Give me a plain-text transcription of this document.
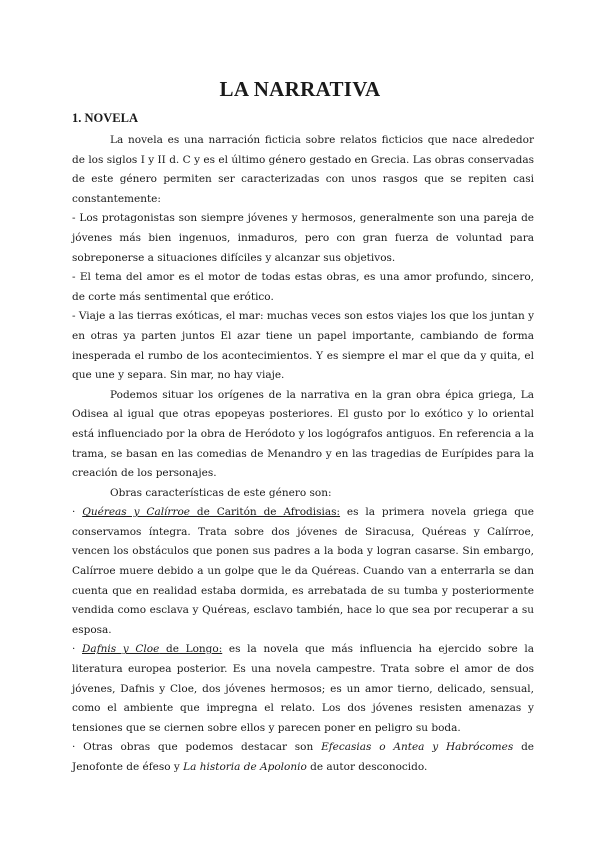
LA NARRATIVA
1. NOVELA

La novela es una narración ficticia sobre relatos ficticios que nace alrededor de los siglos I y II d. C y es el último género gestado en Grecia. Las obras conservadas de este género permiten ser caracterizadas con unos rasgos que se repiten casi constantemente:

- Los protagonistas son siempre jóvenes y hermosos, generalmente son una pareja de jóvenes más bien ingenuos, inmaduros, pero con gran fuerza de voluntad para sobreponerse a situaciones difíciles y alcanzar sus objetivos.

- El tema del amor es el motor de todas estas obras, es una amor profundo, sincero, de corte más sentimental que erótico.

- Viaje a las tierras exóticas, el mar: muchas veces son estos viajes los que los juntan y en otras ya parten juntos El azar tiene un papel importante, cambiando de forma inesperada el rumbo de los acontecimientos. Y es siempre el mar el que da y quita, el que une y separa. Sin mar, no hay viaje.

Podemos situar los orígenes de la narrativa en la gran obra épica griega, La Odisea al igual que otras epopeyas posteriores. El gusto por lo exótico y lo oriental está influenciado por la obra de Heródoto y los logógrafos antiguos. En referencia a la trama, se basan en las comedias de Menandro y en las tragedias de Eurípides para la creación de los personajes.

Obras características de este género son:

· Quéreas y Calírroe de Caritón de Afrodisias: es la primera novela griega que conservamos íntegra. Trata sobre dos jóvenes de Siracusa, Quéreas y Calírroe, vencen los obstáculos que ponen sus padres a la boda y logran casarse. Sin embargo, Calírroe muere debido a un golpe que le da Quéreas. Cuando van a enterrarla se dan cuenta que en realidad estaba dormida, es arrebatada de su tumba y posteriormente vendida como esclava y Quéreas, esclavo también, hace lo que sea por recuperar a su esposa.

· Dafnis y Cloe de Longo: es la novela que más influencia ha ejercido sobre la literatura europea posterior. Es una novela campestre. Trata sobre el amor de dos jóvenes, Dafnis y Cloe, dos jóvenes hermosos; es un amor tierno, delicado, sensual, como el ambiente que impregna el relato. Los dos jóvenes resisten amenazas y tensiones que se ciernen sobre ellos y parecen poner en peligro su boda.

· Otras obras que podemos destacar son Efecasias o Antea y Habrócomes de Jenofonte de éfeso y La historia de Apolonio de autor desconocido.
